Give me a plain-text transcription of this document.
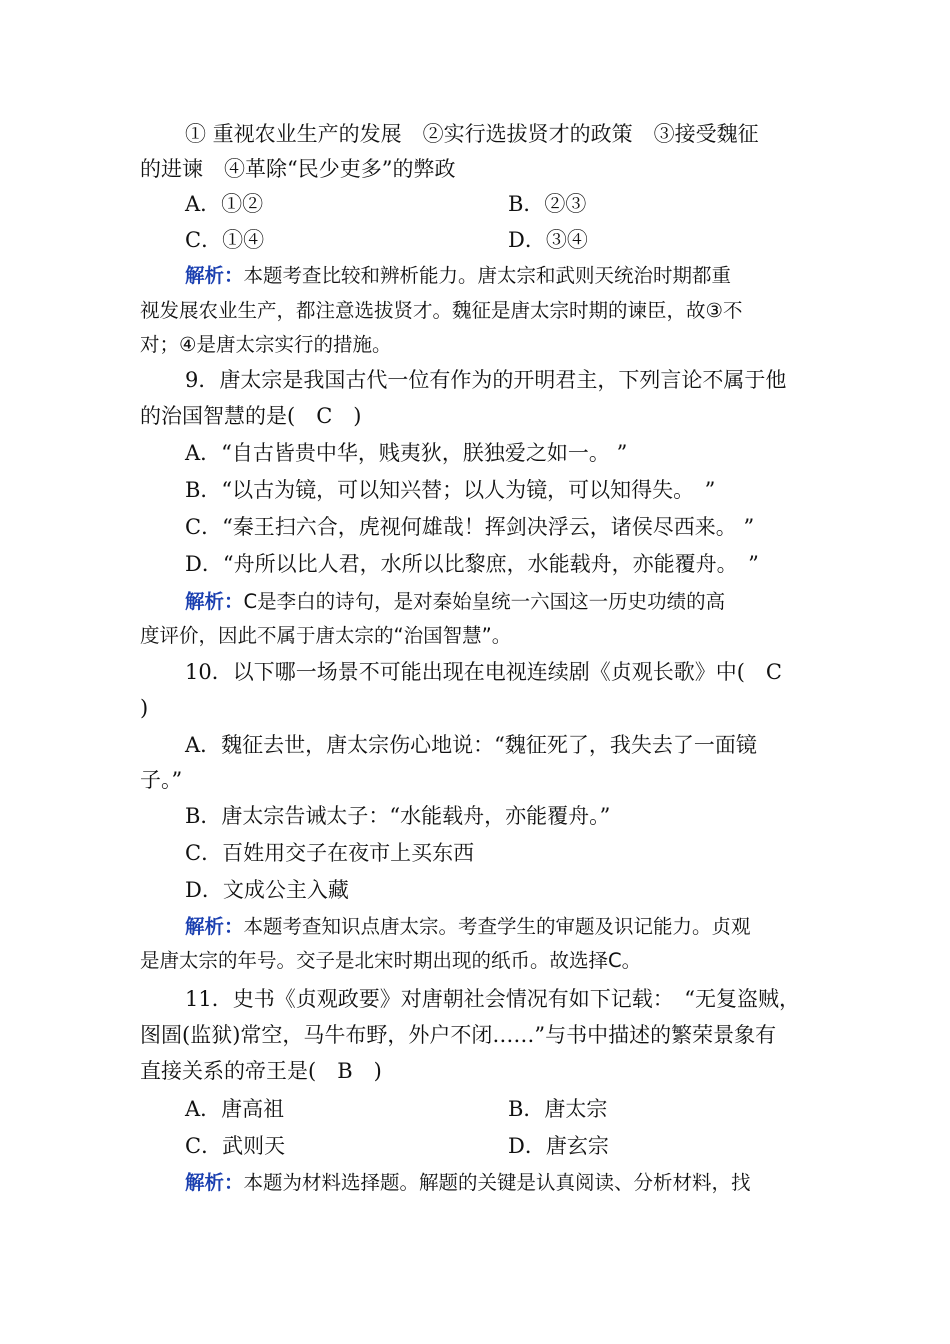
① 重视农业生产的发展　②实行选拔贤才的政策　③接受魏征
的进谏　④革除“民少吏多”的弊政
A．①②	B．②③
C．①④	D．③④
解析：本题考查比较和辨析能力。唐太宗和武则天统治时期都重
视发展农业生产，都注意选拔贤才。魏征是唐太宗时期的谏臣，故③不
对；④是唐太宗实行的措施。
9．唐太宗是我国古代一位有作为的开明君主，下列言论不属于他
的治国智慧的是(　C　)
A．“自古皆贵中华，贱夷狄，朕独爱之如一。 ”
B．“以古为镜，可以知兴替；以人为镜，可以知得失。　”
C．“秦王扫六合，虎视何雄哉！挥剑决浮云，诸侯尽西来。 ”
D．“舟所以比人君，水所以比黎庶，水能载舟，亦能覆舟。　”
解析：C是李白的诗句，是对秦始皇统一六国这一历史功绩的高
度评价，因此不属于唐太宗的“治国智慧”。
10．以下哪一场景不可能出现在电视连续剧《贞观长歌》中(　C
)
A．魏征去世，唐太宗伤心地说：“魏征死了，我失去了一面镜
子。”
B．唐太宗告诫太子：“水能载舟，亦能覆舟。”
C．百姓用交子在夜市上买东西
D．文成公主入藏
解析：本题考查知识点唐太宗。考查学生的审题及识记能力。贞观
是唐太宗的年号。交子是北宋时期出现的纸币。故选择C。
11．史书《贞观政要》对唐朝社会情况有如下记载：　“无复盗贼，
图圄(监狱)常空，马牛布野，外户不闭……”与书中描述的繁荣景象有
直接关系的帝王是(　B　)
A．唐高祖	B．唐太宗
C．武则天	D．唐玄宗
解析：本题为材料选择题。解题的关键是认真阅读、分析材料，找
